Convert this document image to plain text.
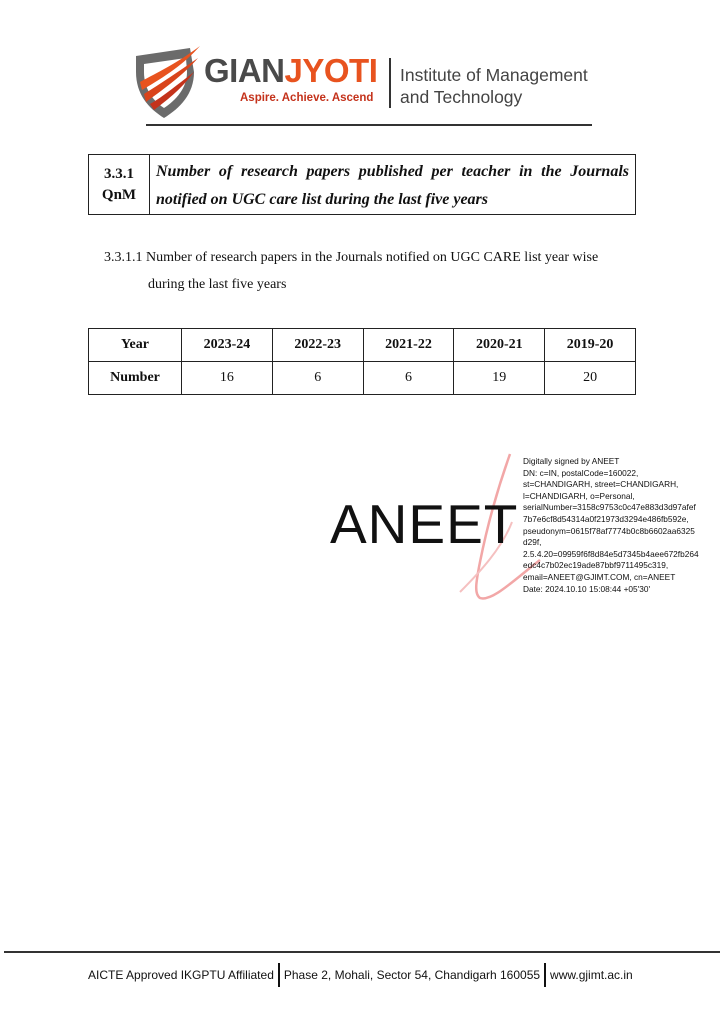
GIANJYOTI
Aspire. Achieve. Ascend
Institute of Management
and Technology
3.3.1
QnM
Number of research papers published per teacher in the Journals notified on UGC care list during the last five years
3.3.1.1 Number of research papers in the Journals notified on UGC CARE list year wise
during the last five years
Year	2023-24	2022-23	2021-22	2020-21	2019-20
Number	16	6	6	19	20
ANEET
Digitally signed by ANEET
DN: c=IN, postalCode=160022,
st=CHANDIGARH, street=CHANDIGARH,
l=CHANDIGARH, o=Personal,
serialNumber=3158c9753c0c47e883d3d97afef
7b7e6cf8d54314a0f21973d3294e486fb592e,
pseudonym=0615f78af7774b0c8b6602aa6325
d29f,
2.5.4.20=09959f6f8d84e5d7345b4aee672fb264
edc4c7b02ec19ade87bbf9711495c319,
email=ANEET@GJIMT.COM, cn=ANEET
Date: 2024.10.10 15:08:44 +05'30'
AICTE Approved IKGPTU Affiliated Phase 2, Mohali, Sector 54, Chandigarh 160055 www.gjimt.ac.in
